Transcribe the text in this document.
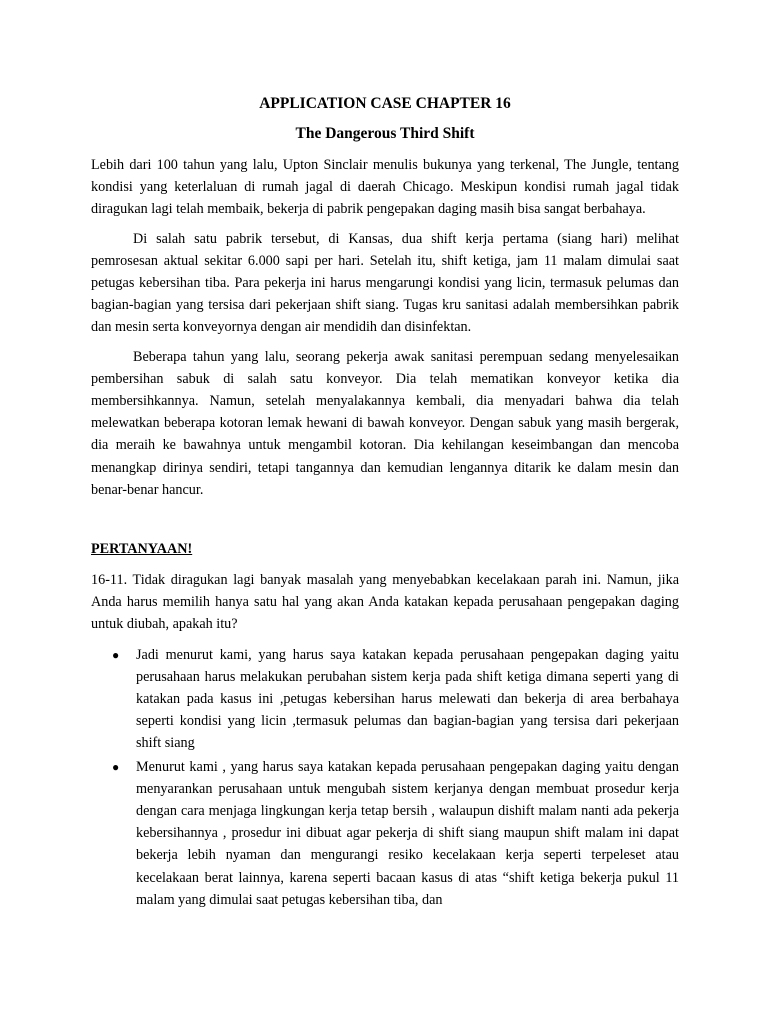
APPLICATION CASE CHAPTER 16
The Dangerous Third Shift

Lebih dari 100 tahun yang lalu, Upton Sinclair menulis bukunya yang terkenal, The Jungle, tentang kondisi yang keterlaluan di rumah jagal di daerah Chicago. Meskipun kondisi rumah jagal tidak diragukan lagi telah membaik, bekerja di pabrik pengepakan daging masih bisa sangat berbahaya.

Di salah satu pabrik tersebut, di Kansas, dua shift kerja pertama (siang hari) melihat pemrosesan aktual sekitar 6.000 sapi per hari. Setelah itu, shift ketiga, jam 11 malam dimulai saat petugas kebersihan tiba. Para pekerja ini harus mengarungi kondisi yang licin, termasuk pelumas dan bagian-bagian yang tersisa dari pekerjaan shift siang. Tugas kru sanitasi adalah membersihkan pabrik dan mesin serta konveyornya dengan air mendidih dan disinfektan.

Beberapa tahun yang lalu, seorang pekerja awak sanitasi perempuan sedang menyelesaikan pembersihan sabuk di salah satu konveyor. Dia telah mematikan konveyor ketika dia membersihkannya. Namun, setelah menyalakannya kembali, dia menyadari bahwa dia telah melewatkan beberapa kotoran lemak hewani di bawah konveyor. Dengan sabuk yang masih bergerak, dia meraih ke bawahnya untuk mengambil kotoran. Dia kehilangan keseimbangan dan mencoba menangkap dirinya sendiri, tetapi tangannya dan kemudian lengannya ditarik ke dalam mesin dan benar-benar hancur.

PERTANYAAN!

16-11. Tidak diragukan lagi banyak masalah yang menyebabkan kecelakaan parah ini. Namun, jika Anda harus memilih hanya satu hal yang akan Anda katakan kepada perusahaan pengepakan daging untuk diubah, apakah itu?

● Jadi menurut kami, yang harus saya katakan kepada perusahaan pengepakan daging yaitu perusahaan harus melakukan perubahan sistem kerja pada shift ketiga dimana seperti yang di katakan pada kasus ini ,petugas kebersihan harus melewati dan bekerja di area berbahaya seperti kondisi yang licin ,termasuk pelumas dan bagian-bagian yang tersisa dari pekerjaan shift siang
● Menurut kami , yang harus saya katakan kepada perusahaan pengepakan daging yaitu dengan menyarankan perusahaan untuk mengubah sistem kerjanya dengan membuat prosedur kerja dengan cara menjaga lingkungan kerja tetap bersih , walaupun dishift malam nanti ada pekerja kebersihannya , prosedur ini dibuat agar pekerja di shift siang maupun shift malam ini dapat bekerja lebih nyaman dan mengurangi resiko kecelakaan kerja seperti terpeleset atau kecelakaan berat lainnya, karena seperti bacaan kasus di atas “shift ketiga bekerja pukul 11 malam yang dimulai saat petugas kebersihan tiba, dan
